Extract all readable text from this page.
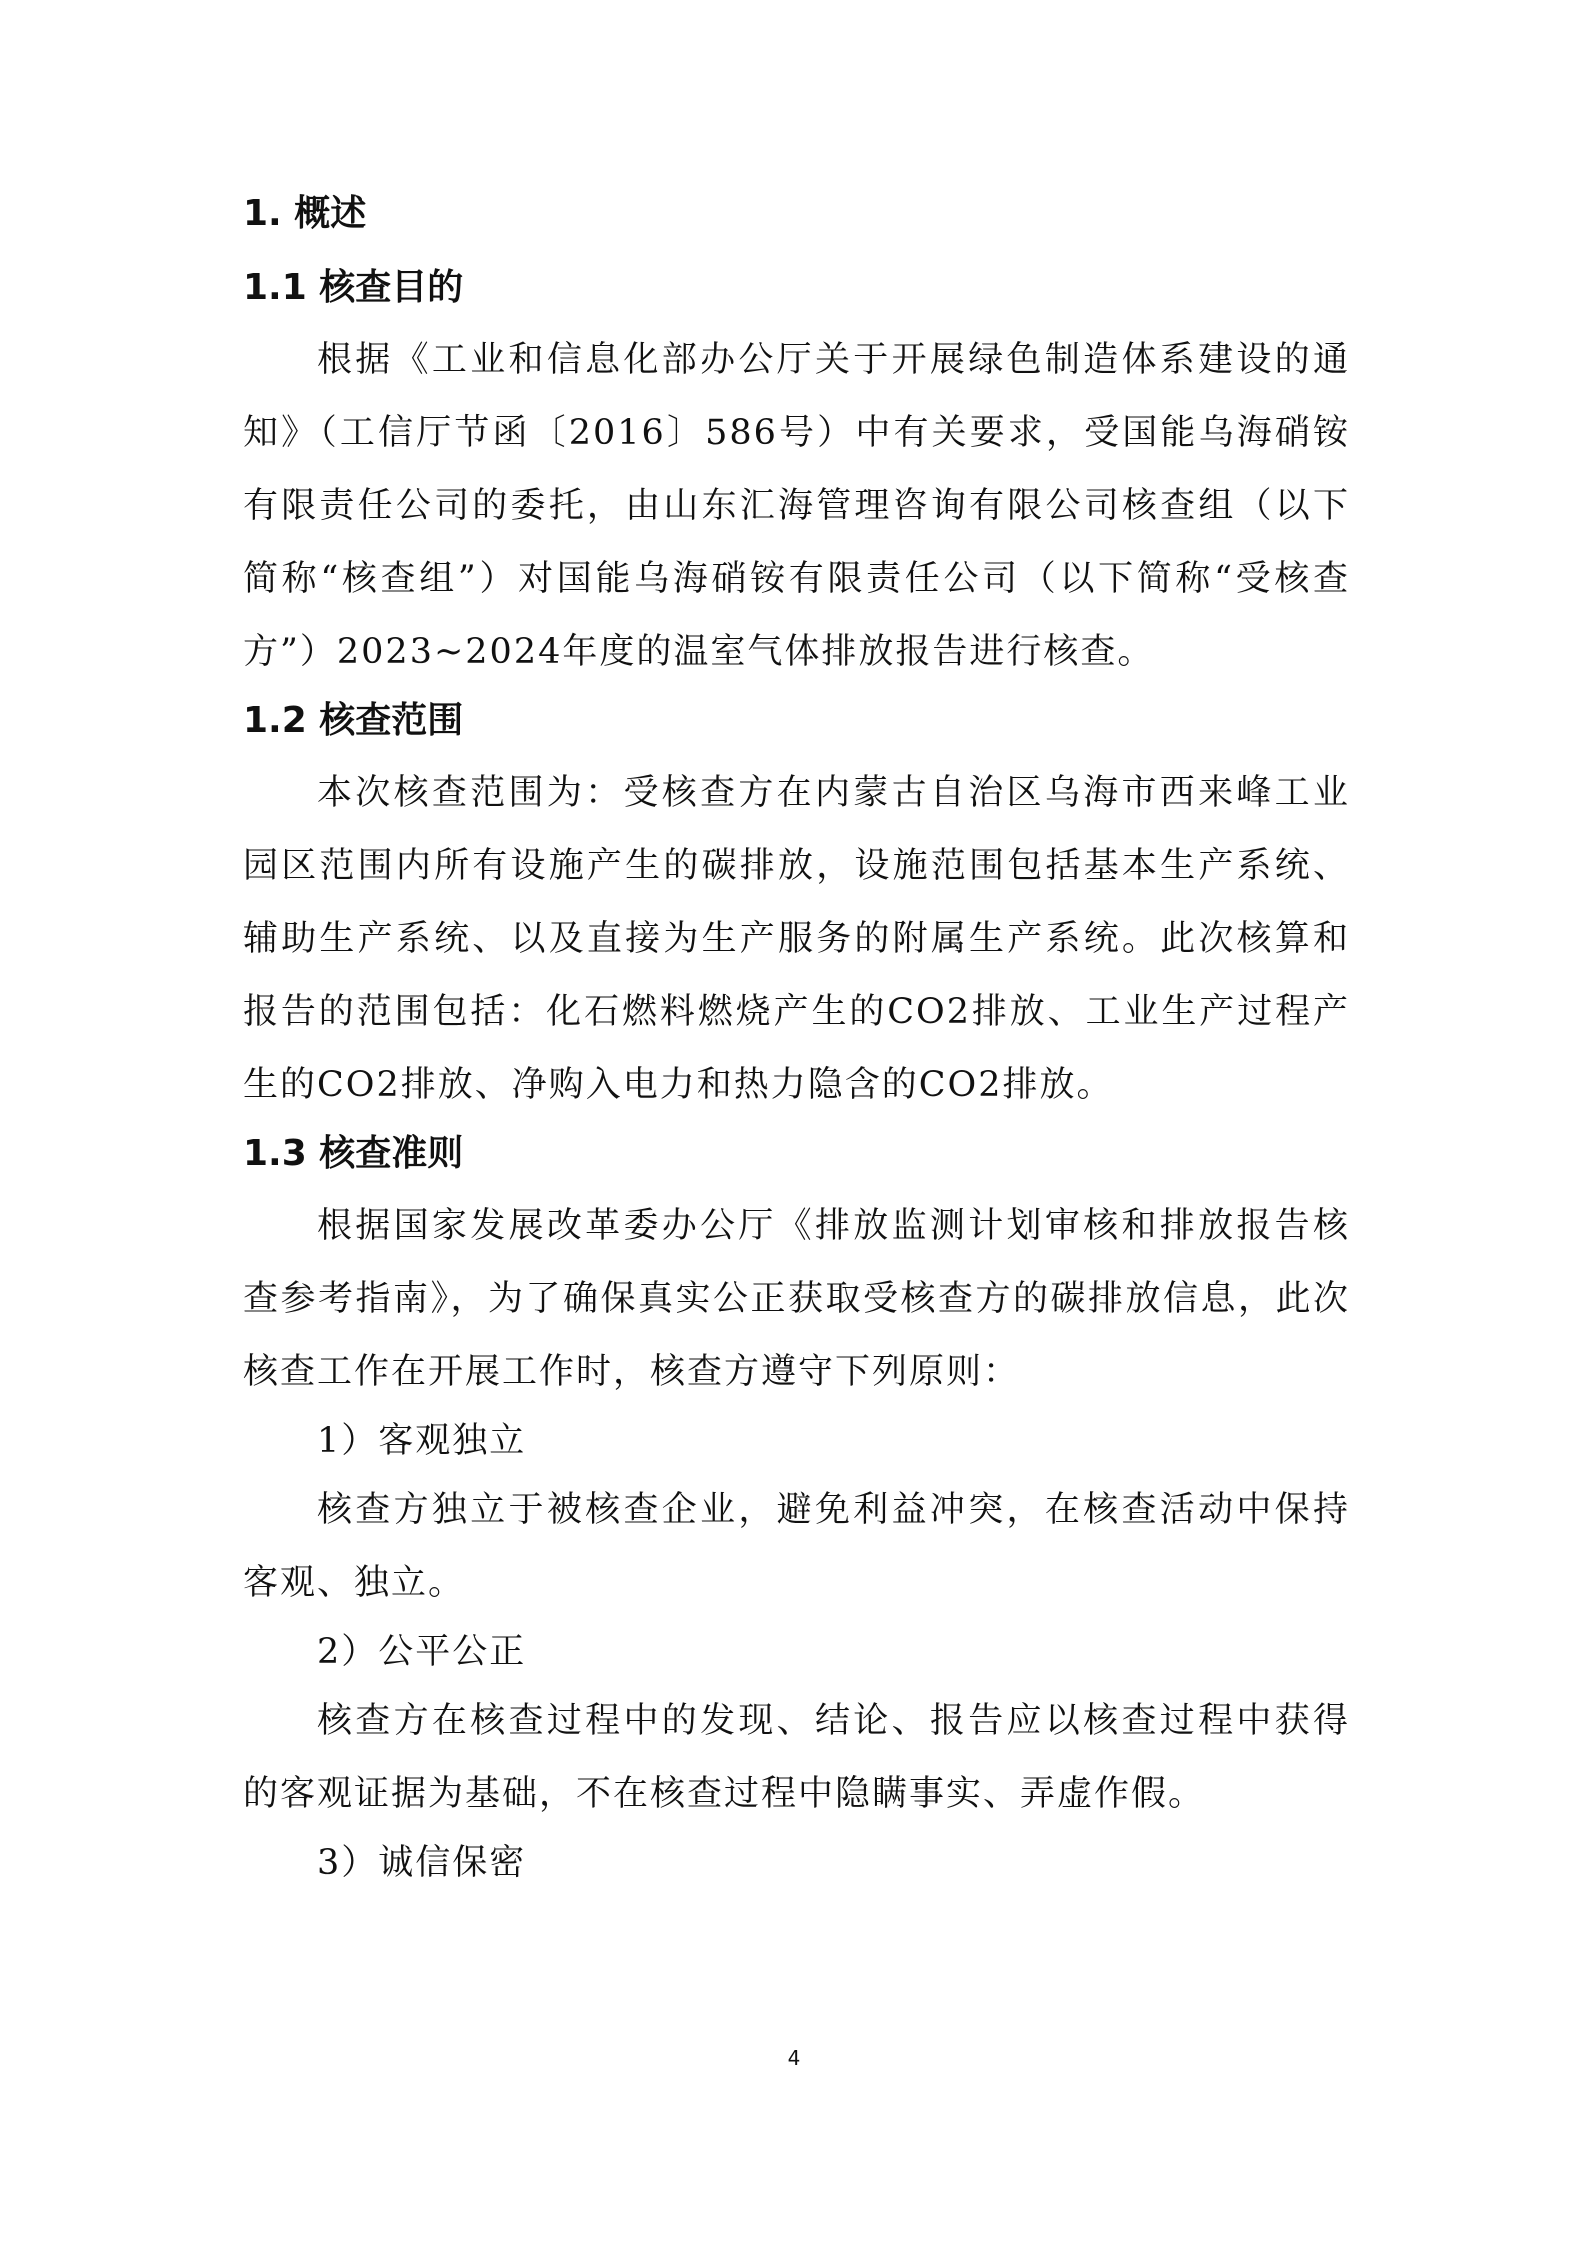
1. 概述
1.1 核查目的

根据《工业和信息化部办公厅关于开展绿色制造体系建设的通知》（工信厅节函〔2016〕586号）中有关要求，受国能乌海硝铵有限责任公司的委托，由山东汇海管理咨询有限公司核查组（以下简称“核查组”）对国能乌海硝铵有限责任公司（以下简称“受核查方”）2023~2024年度的温室气体排放报告进行核查。

1.2 核查范围

本次核查范围为：受核查方在内蒙古自治区乌海市西来峰工业园区范围内所有设施产生的碳排放，设施范围包括基本生产系统、辅助生产系统、以及直接为生产服务的附属生产系统。此次核算和报告的范围包括：化石燃料燃烧产生的CO2排放、工业生产过程产生的CO2排放、净购入电力和热力隐含的CO2排放。

1.3 核查准则

根据国家发展改革委办公厅《排放监测计划审核和排放报告核查参考指南》，为了确保真实公正获取受核查方的碳排放信息，此次核查工作在开展工作时，核查方遵守下列原则：

1）客观独立

核查方独立于被核查企业，避免利益冲突，在核查活动中保持客观、独立。

2）公平公正

核查方在核查过程中的发现、结论、报告应以核查过程中获得的客观证据为基础，不在核查过程中隐瞒事实、弄虚作假。

3）诚信保密
4
